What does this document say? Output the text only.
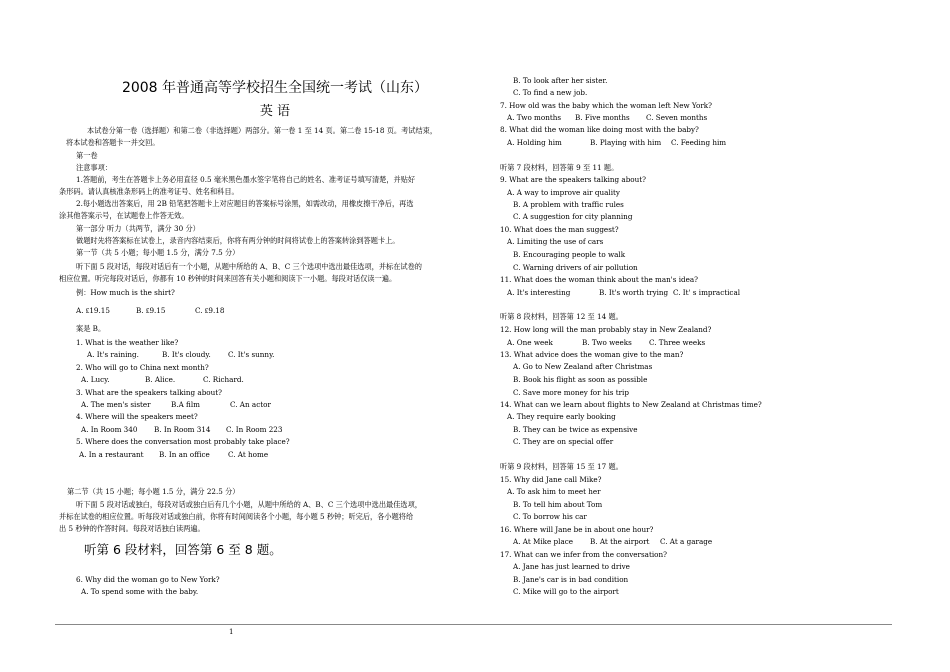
2008 年普通高等学校招生全国统一考试（山东）
英 语
本试卷分第一卷（选择题）和第二卷（非选择题）两部分。第一卷 1 至 14 页。第二卷 15-18 页。考试结束，
将本试卷和答题卡一并交回。
第一卷
注意事项：
1.答题前，考生在答题卡上务必用直径 0.5 毫米黑色墨水签字笔将自己的姓名、准考证号填写清楚，并贴好
条形码。请认真核准条形码上的准考证号、姓名和科目。
2.每小题选出答案后，用 2B 铅笔把答题卡上对应题目的答案标号涂黑，如需改动，用橡皮擦干净后，再选
涂其他答案示号，在试题卷上作答无效。
第一部分 听力（共两节，满分 30 分）
做题时先将答案标在试卷上，录音内容结束后，你将有两分钟的时间将试卷上的答案转涂到答题卡上。
第一节（共 5 小题；每小题 1.5 分，满分 7.5 分）
听下面 5 段对话，每段对话后有一个小题，从题中所给的 A、B、C 三个选项中选出最佳选项，并标在试卷的
相应位置。听完每段对话后，你都有 10 秒钟的时间来回答有关小题和阅读下一小题。每段对话仅读一遍。
例：How much is the shirt?
A. ₤19.15	B. ₤9.15	C. ₤9.18
案是 B。
1. What is the weather like?
A. It's raining.	B. It's cloudy. C. It's sunny.
2. Who will go to China next month?
A. Lucy.	B. Alice.	C. Richard.
3. What are the speakers talking about?
A. The men's sister	B.A film	C. An actor
4. Where will the speakers meet?
A. In Room 340 B. In Room 314 C. In Room 223
5. Where does the conversation most probably take place?
A. In a restaurant B. In an office	C. At home
第二节（共 15 小题；每小题 1.5 分，满分 22.5 分）
听下面 5 段对话或独白，每段对话或独白后有几个小题，从题中所给的 A、B、C 三个选项中选出最佳选项，
并标在试卷的相应位置。听每段对话或独白前，你将有时间阅读各个小题，每小题 5 秒钟；听完后，各小题将给
出 5 秒钟的作答时间。每段对话独白读两遍。
听第 6 段材料，回答第 6 至 8 题。
6. Why did the woman go to New York?
A. To spend some with the baby.
B. To look after her sister.
C. To find a new job.
7. How old was the baby which the woman left New York?
A. Two months B. Five months C. Seven months
8. What did the woman like doing most with the baby?
A. Holding him	B. Playing with him C. Feeding him
听第 7 段材料，回答第 9 至 11 题。
9. What are the speakers talking about?
A. A way to improve air quality
B. A problem with traffic rules
C. A suggestion for city planning
10. What does the man suggest?
A. Limiting the use of cars
B. Encouraging people to walk
C. Warning drivers of air pollution
11. What does the woman think about the man's idea?
A. It's interesting	B. It's worth trying C. It' s impractical
听第 8 段材料，回答第 12 至 14 题。
12. How long will the man probably stay in New Zealand?
A. One week	B. Two weeks C. Three weeks
13. What advice does the woman give to the man?
A. Go to New Zealand after Christmas
B. Book his flight as soon as possible
C. Save more money for his trip
14. What can we learn about flights to New Zealand at Christmas time?
A. They require early booking
B. They can be twice as expensive
C. They are on special offer
听第 9 段材料，回答第 15 至 17 题。
15. Why did Jane call Mike?
A. To ask him to meet her
B. To tell him about Tom
C. To borrow his car
16. Where will Jane be in about one hour?
A. At Mike place B. At the airport C. At a garage
17. What can we infer from the conversation?
A. Jane has just learned to drive
B. Jane's car is in bad condition
C. Mike will go to the airport
1
